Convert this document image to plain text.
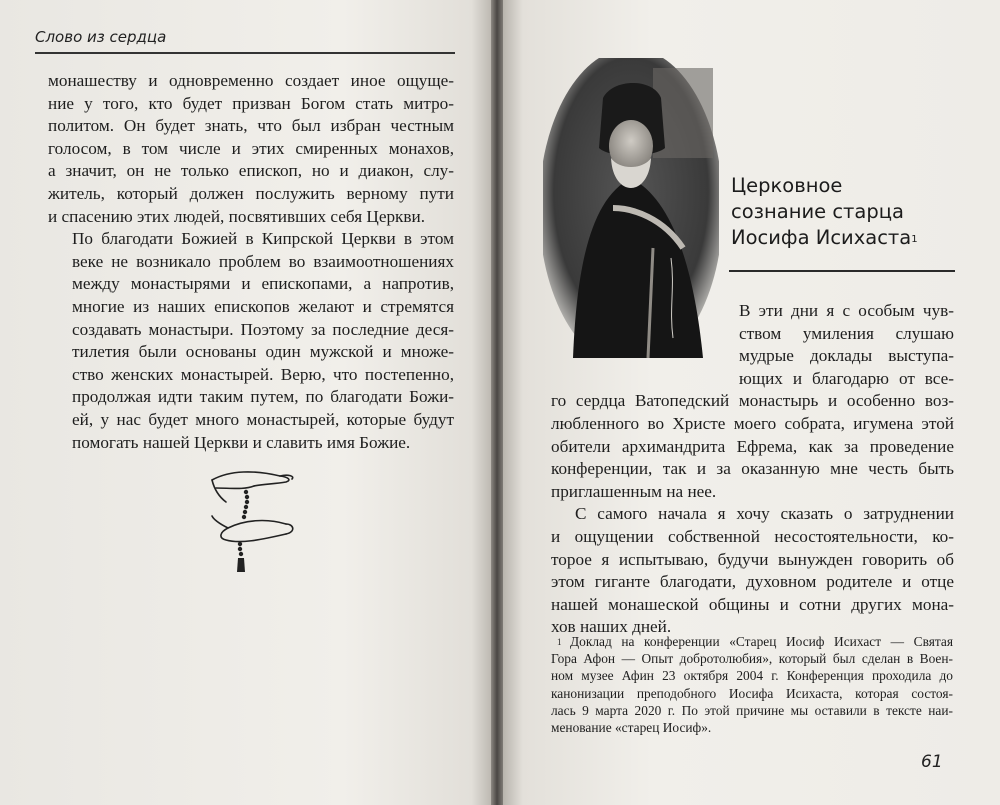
Слово из сердца

монашеству и одновременно создает иное ощуще-
ние у того, кто будет призван Богом стать митро-
политом. Он будет знать, что был избран честным
голосом, в том числе и этих смиренных монахов,
а значит, он не только епископ, но и диакон, слу-
житель, который должен послужить верному пути
и спасению этих людей, посвятивших себя Церкви.

По благодати Божией в Кипрской Церкви в этом
веке не возникало проблем во взаимоотношениях
между монастырями и епископами, а напротив,
многие из наших епископов желают и стремятся
создавать монастыри. Поэтому за последние деся-
тилетия были основаны один мужской и множе-
ство женских монастырей. Верю, что постепенно,
продолжая идти таким путем, по благодати Божи-
ей, у нас будет много монастырей, которые будут
помогать нашей Церкви и славить имя Божие.

Церковное
сознание старца
Иосифа Исихаста$^1$
В эти дни я с особым чув-
ством умиления слушаю
мудрые доклады выступа-
ющих и благодарю от все-
го сердца Ватопедский монастырь и особенно воз-
любленного во Христе моего собрата, игумена этой
обители архимандрита Ефрема, как за проведение
конференции, так и за оказанную мне честь быть
приглашенным на нее.
С самого начала я хочу сказать о затруднении
и ощущении собственной несостоятельности, ко-
торое я испытываю, будучи вынужден говорить об
этом гиганте благодати, духовном родителе и отце
нашей монашеской общины и сотни других мона-
хов наших дней.
$^1$ Доклад на конференции «Старец Иосиф Исихаст — Святая
Гора Афон — Опыт добротолюбия», который был сделан в Воен-
ном музее Афин 23 октября 2004 г. Конференция проходила до
канонизации преподобного Иосифа Исихаста, которая состоя-
лась 9 марта 2020 г. По этой причине мы оставили в тексте наи-
менование «старец Иосиф».
61
